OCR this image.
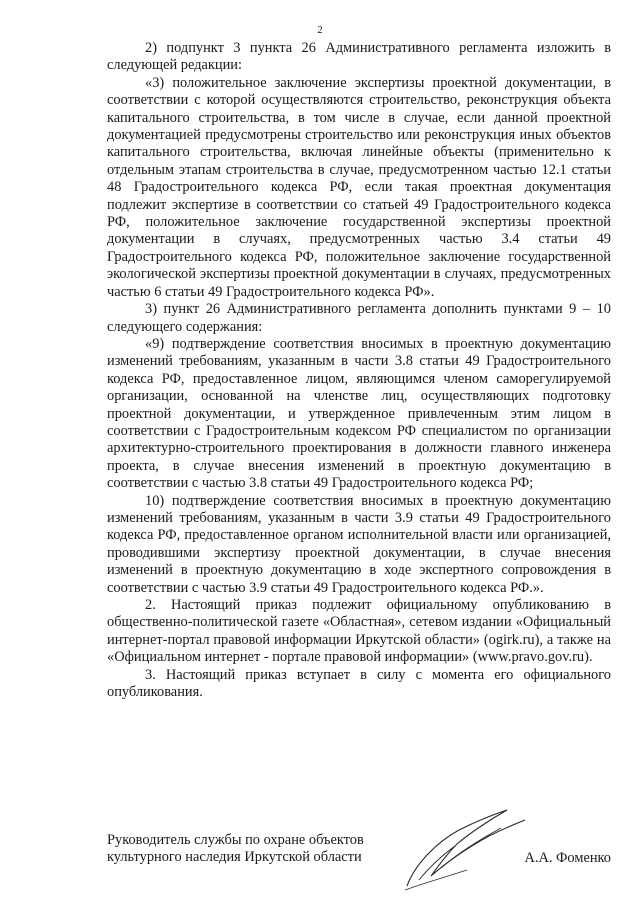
2

2) подпункт 3 пункта 26 Административного регламента изложить в следующей редакции:

«3) положительное заключение экспертизы проектной документации, в соответствии с которой осуществляются строительство, реконструкция объекта капитального строительства, в том числе в случае, если данной проектной документацией предусмотрены строительство или реконструкция иных объектов капитального строительства, включая линейные объекты (применительно к отдельным этапам строительства в случае, предусмотренном частью 12.1 статьи 48 Градостроительного кодекса РФ, если такая проектная документация подлежит экспертизе в соответствии со статьей 49 Градостроительного кодекса РФ, положительное заключение государственной экспертизы проектной документации в случаях, предусмотренных частью 3.4 статьи 49 Градостроительного кодекса РФ, положительное заключение государственной экологической экспертизы проектной документации в случаях, предусмотренных частью 6 статьи 49 Градостроительного кодекса РФ».

3) пункт 26 Административного регламента дополнить пунктами 9 – 10 следующего содержания:

«9) подтверждение соответствия вносимых в проектную документацию изменений требованиям, указанным в части 3.8 статьи 49 Градостроительного кодекса РФ, предоставленное лицом, являющимся членом саморегулируемой организации, основанной на членстве лиц, осуществляющих подготовку проектной документации, и утвержденное привлеченным этим лицом в соответствии с Градостроительным кодексом РФ специалистом по организации архитектурно-строительного проектирования в должности главного инженера проекта, в случае внесения изменений в проектную документацию в соответствии с частью 3.8 статьи 49 Градостроительного кодекса РФ;

10) подтверждение соответствия вносимых в проектную документацию изменений требованиям, указанным в части 3.9 статьи 49 Градостроительного кодекса РФ, предоставленное органом исполнительной власти или организацией, проводившими экспертизу проектной документации, в случае внесения изменений в проектную документацию в ходе экспертного сопровождения в соответствии с частью 3.9 статьи 49 Градостроительного кодекса РФ.».

2. Настоящий приказ подлежит официальному опубликованию в общественно-политической газете «Областная», сетевом издании «Официальный интернет-портал правовой информации Иркутской области» (ogirk.ru), а также на «Официальном интернет - портале правовой информации» (www.pravo.gov.ru).

3. Настоящий приказ вступает в силу с момента его официального опубликования.

Руководитель службы по охране объектов
культурного наследия Иркутской области	А.А. Фоменко
